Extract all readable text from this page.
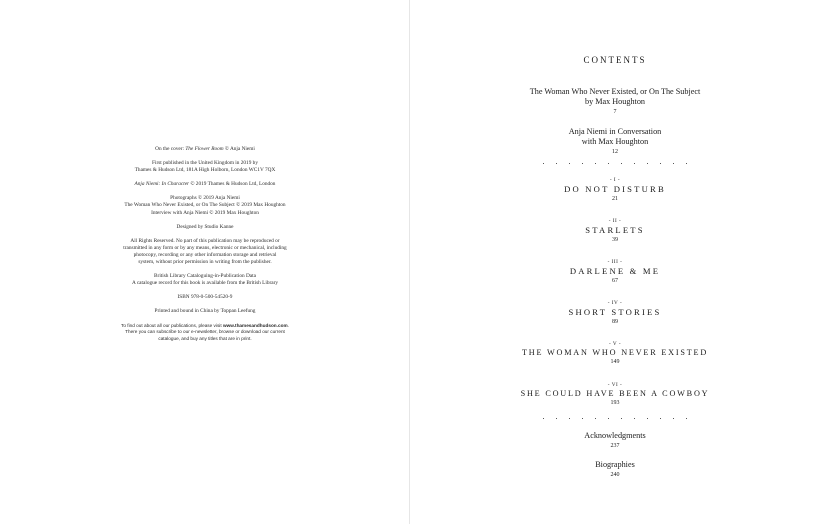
On the cover: The Flower Room © Anja Niemi

First published in the United Kingdom in 2019 by
Thames & Hudson Ltd, 181A High Holborn, London WC1V 7QX

Anja Niemi: In Character © 2019 Thames & Hudson Ltd, London

Photographs © 2019 Anja Niemi
The Woman Who Never Existed, or On The Subject © 2019 Max Houghton
Interview with Anja Niemi © 2019 Max Houghton

Designed by Studio Kanne

All Rights Reserved. No part of this publication may be reproduced or
transmitted in any form or by any means, electronic or mechanical, including
photocopy, recording or any other information storage and retrieval
system, without prior permission in writing from the publisher.

British Library Cataloguing-in-Publication Data
A catalogue record for this book is available from the British Library

ISBN 978-0-500-54520-9

Printed and bound in China by Toppan Leefung

To find out about all our publications, please visit www.thamesandhudson.com.
There you can subscribe to our e-newsletter, browse or download our current
catalogue, and buy any titles that are in print.

CONTENTS
The Woman Who Never Existed, or On The Subject
by Max Houghton
7
Anja Niemi in Conversation
with Max Houghton
12
. . . . . . . . . . . .
- I -
DO NOT DISTURB
21
- II -
STARLETS
39
- III -
DARLENE & ME
67
- IV -
SHORT STORIES
89
- V -
THE WOMAN WHO NEVER EXISTED
149
- VI -
SHE COULD HAVE BEEN A COWBOY
193
. . . . . . . . . . . .
Acknowledgments
237
Biographies
240
